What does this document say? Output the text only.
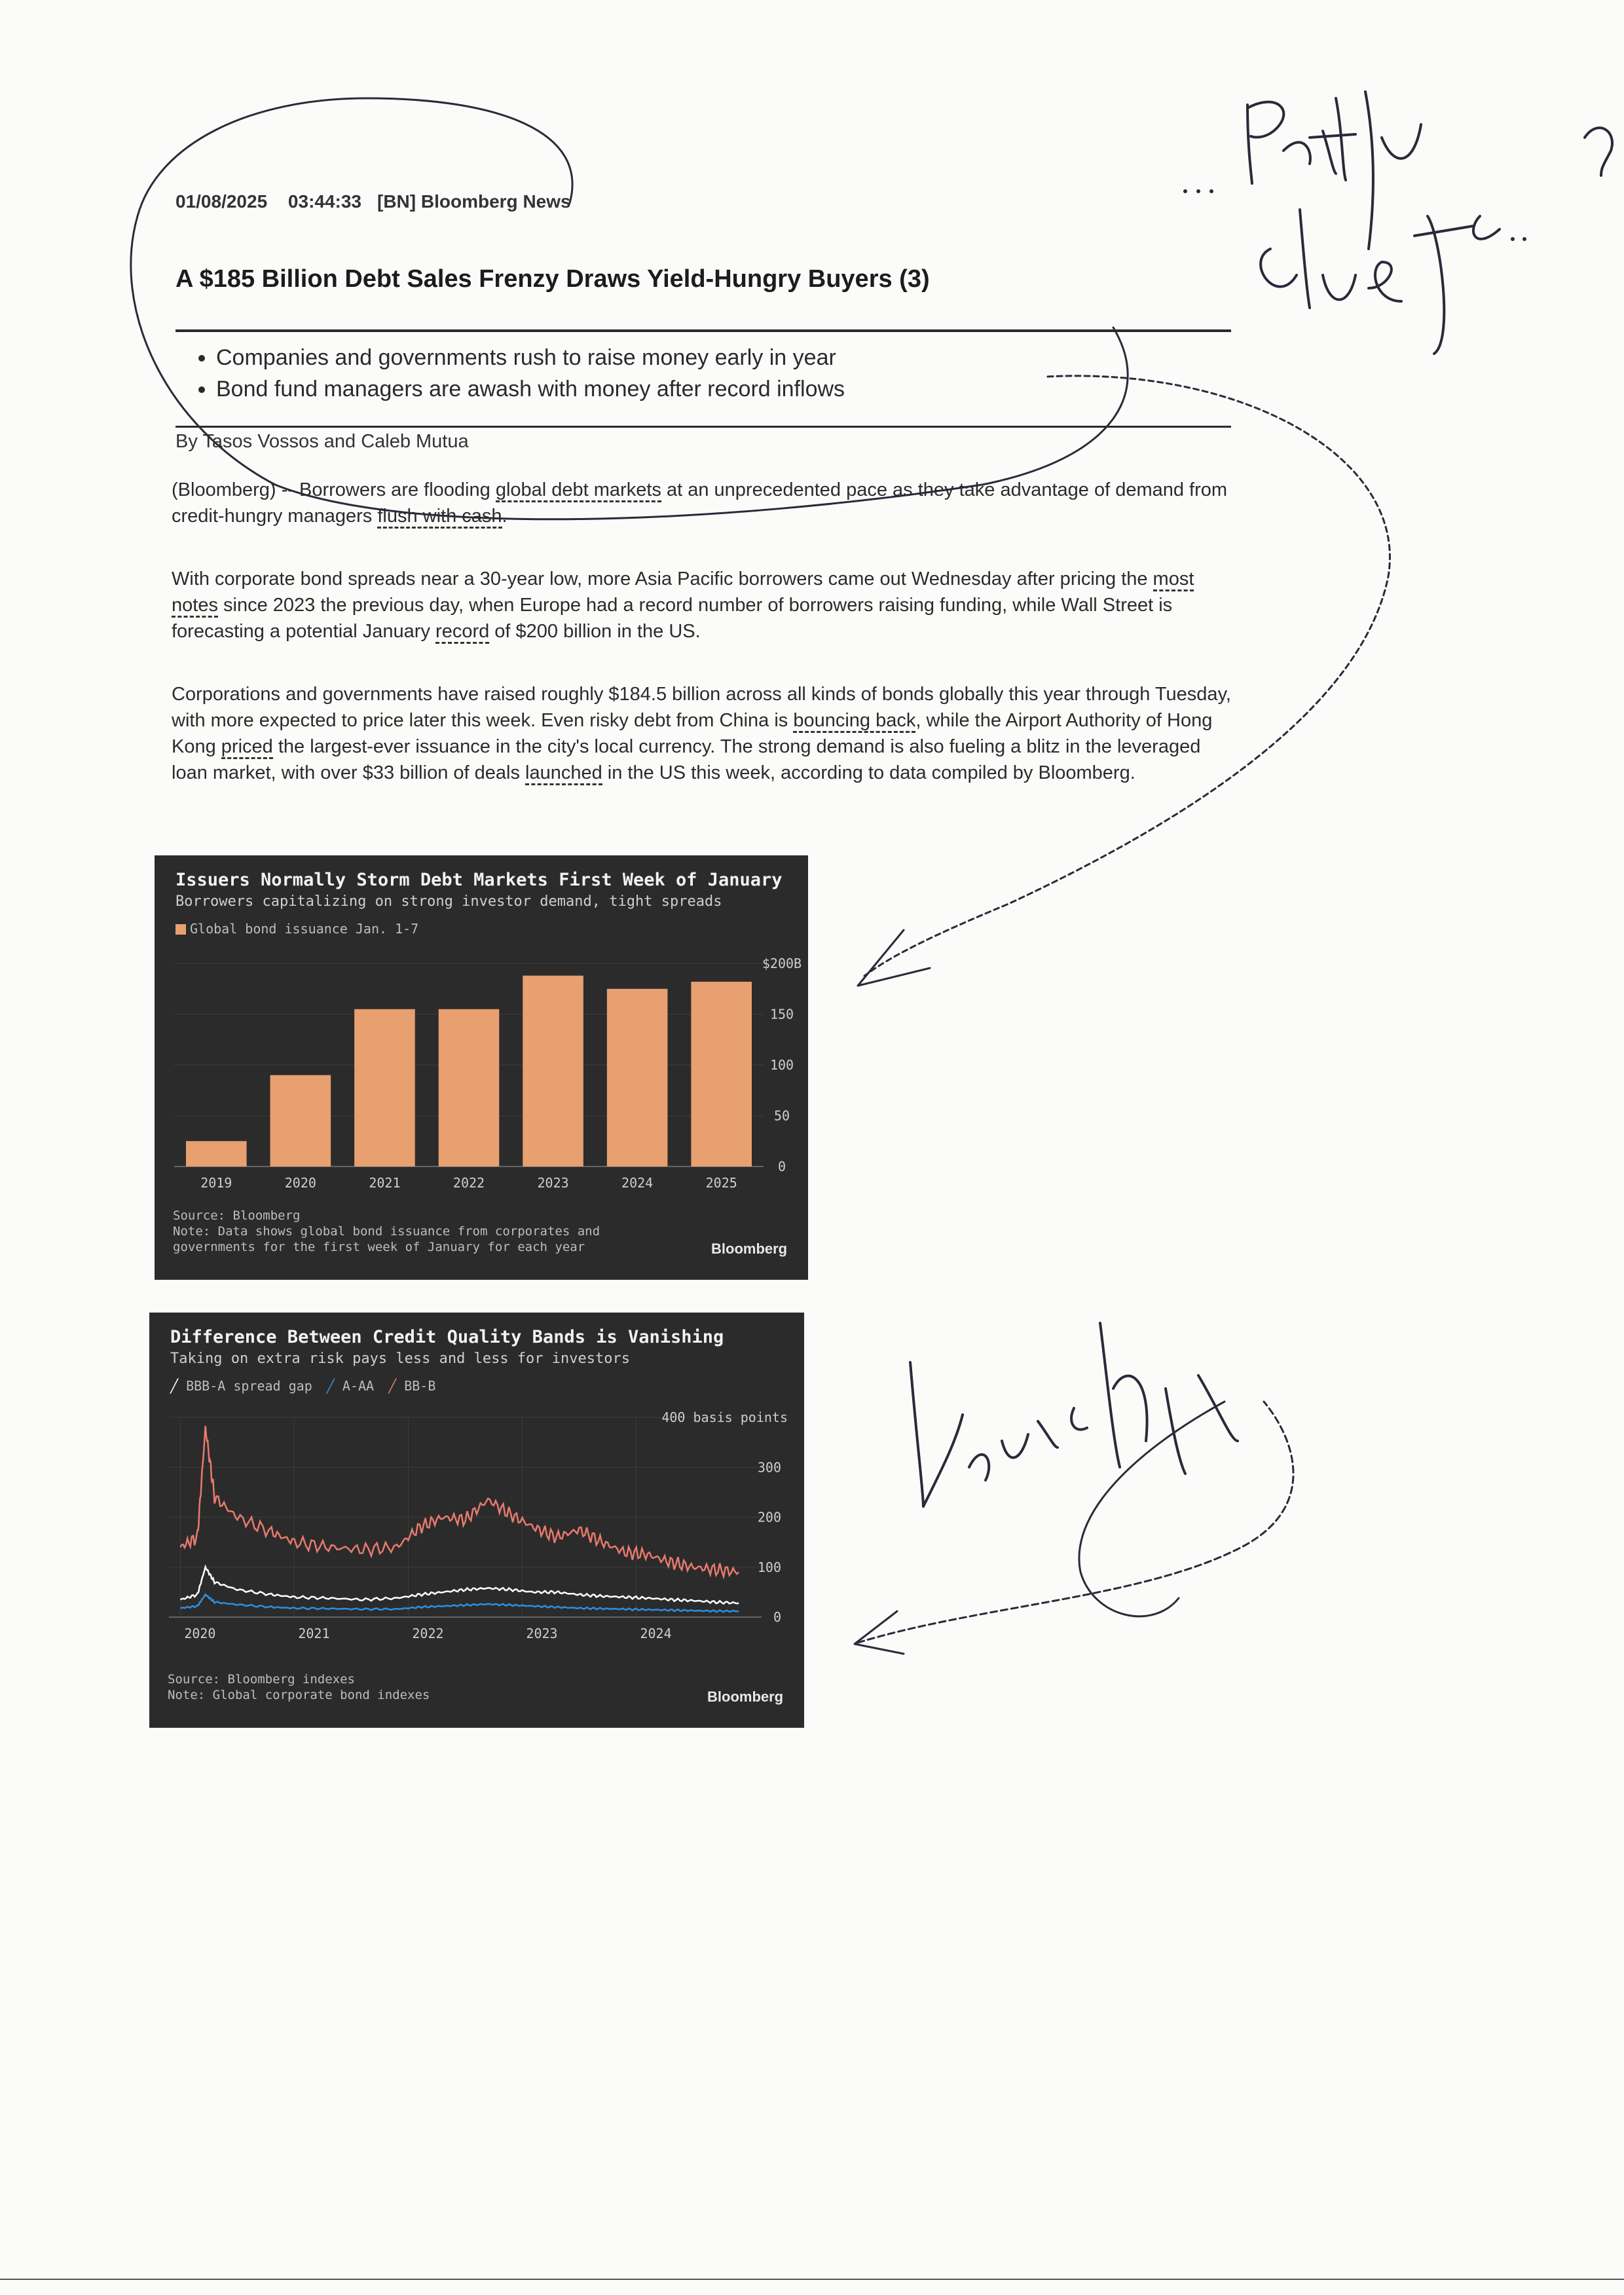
01/08/2025 03:44:33 [BN] Bloomberg News
A $185 Billion Debt Sales Frenzy Draws Yield-Hungry Buyers (3)
• Companies and governments rush to raise money early in year
• Bond fund managers are awash with money after record inflows
By Tasos Vossos and Caleb Mutua

(Bloomberg) -- Borrowers are flooding global debt markets at an unprecedented pace as they take advantage of demand from credit-hungry managers flush with cash.

With corporate bond spreads near a 30-year low, more Asia Pacific borrowers came out Wednesday after pricing the most notes since 2023 the previous day, when Europe had a record number of borrowers raising funding, while Wall Street is forecasting a potential January record of $200 billion in the US.

Corporations and governments have raised roughly $184.5 billion across all kinds of bonds globally this year through Tuesday, with more expected to price later this week. Even risky debt from China is bouncing back, while the Airport Authority of Hong Kong priced the largest-ever issuance in the city's local currency. The strong demand is also fueling a blitz in the leveraged loan market, with over $33 billion of deals launched in the US this week, according to data compiled by Bloomberg.

Issuers Normally Storm Debt Markets First Week of January
Borrowers capitalizing on strong investor demand, tight spreads
Global bond issuance Jan. 1-7
0
50
100
150
$200B
2019	2020	2021	2022	2023	2024	2025
Source: Bloomberg
Note: Data shows global bond issuance from corporates and governments for the first week of January for each year	Bloomberg
Difference Between Credit Quality Bands is Vanishing
Taking on extra risk pays less and less for investors
╱ BBB-A spread gap ╱ A-AA ╱ BB-B
0
100
200
300
400 basis points
2020	2021	2022	2023	2024
Source: Bloomberg indexes
Note: Global corporate bond indexes	Bloomberg
